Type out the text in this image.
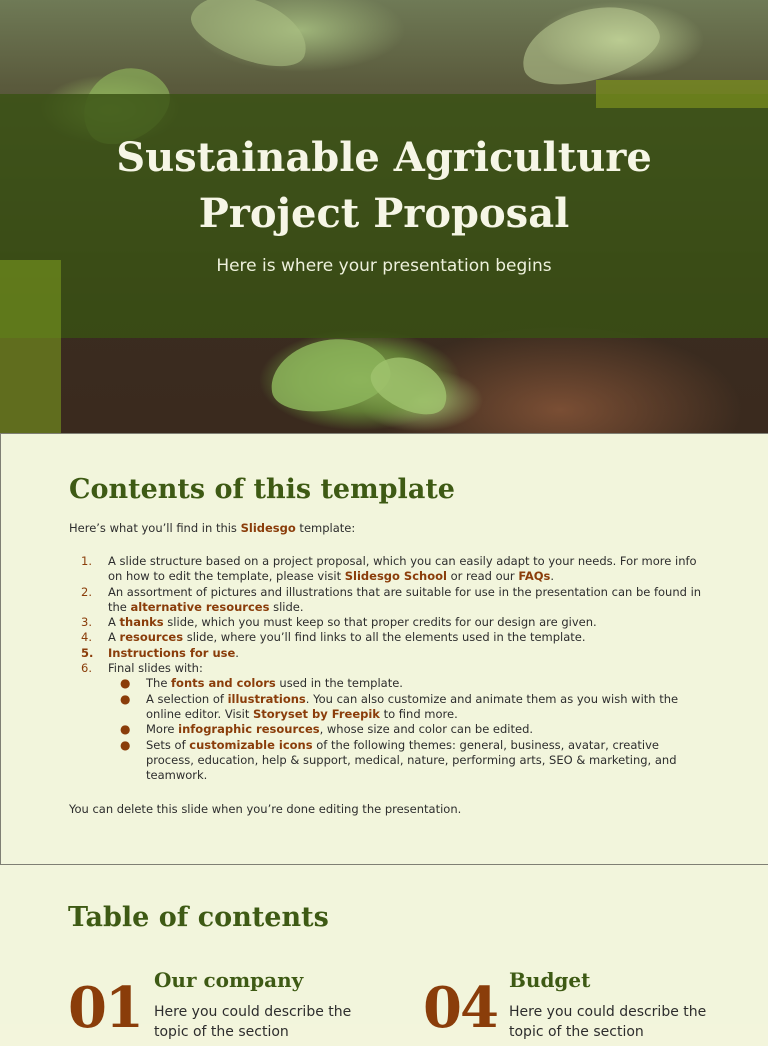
Sustainable Agriculture
Project Proposal

Here is where your presentation begins

Contents of this template

Here’s what you’ll find in this Slidesgo template:

1. A slide structure based on a project proposal, which you can easily adapt to your needs. For more info on how to edit the template, please visit Slidesgo School or read our FAQs.
2. An assortment of pictures and illustrations that are suitable for use in the presentation can be found in the alternative resources slide.
3. A thanks slide, which you must keep so that proper credits for our design are given.
4. A resources slide, where you’ll find links to all the elements used in the template.
5. Instructions for use.
6. Final slides with:
● The fonts and colors used in the template.
● A selection of illustrations. You can also customize and animate them as you wish with the online editor. Visit Storyset by Freepik to find more.
● More infographic resources, whose size and color can be edited.
● Sets of customizable icons of the following themes: general, business, avatar, creative process, education, help & support, medical, nature, performing arts, SEO & marketing, and teamwork.

You can delete this slide when you’re done editing the presentation.

Table of contents
01 Our company
Here you could describe the topic of the section	04 Budget
Here you could describe the topic of the section
